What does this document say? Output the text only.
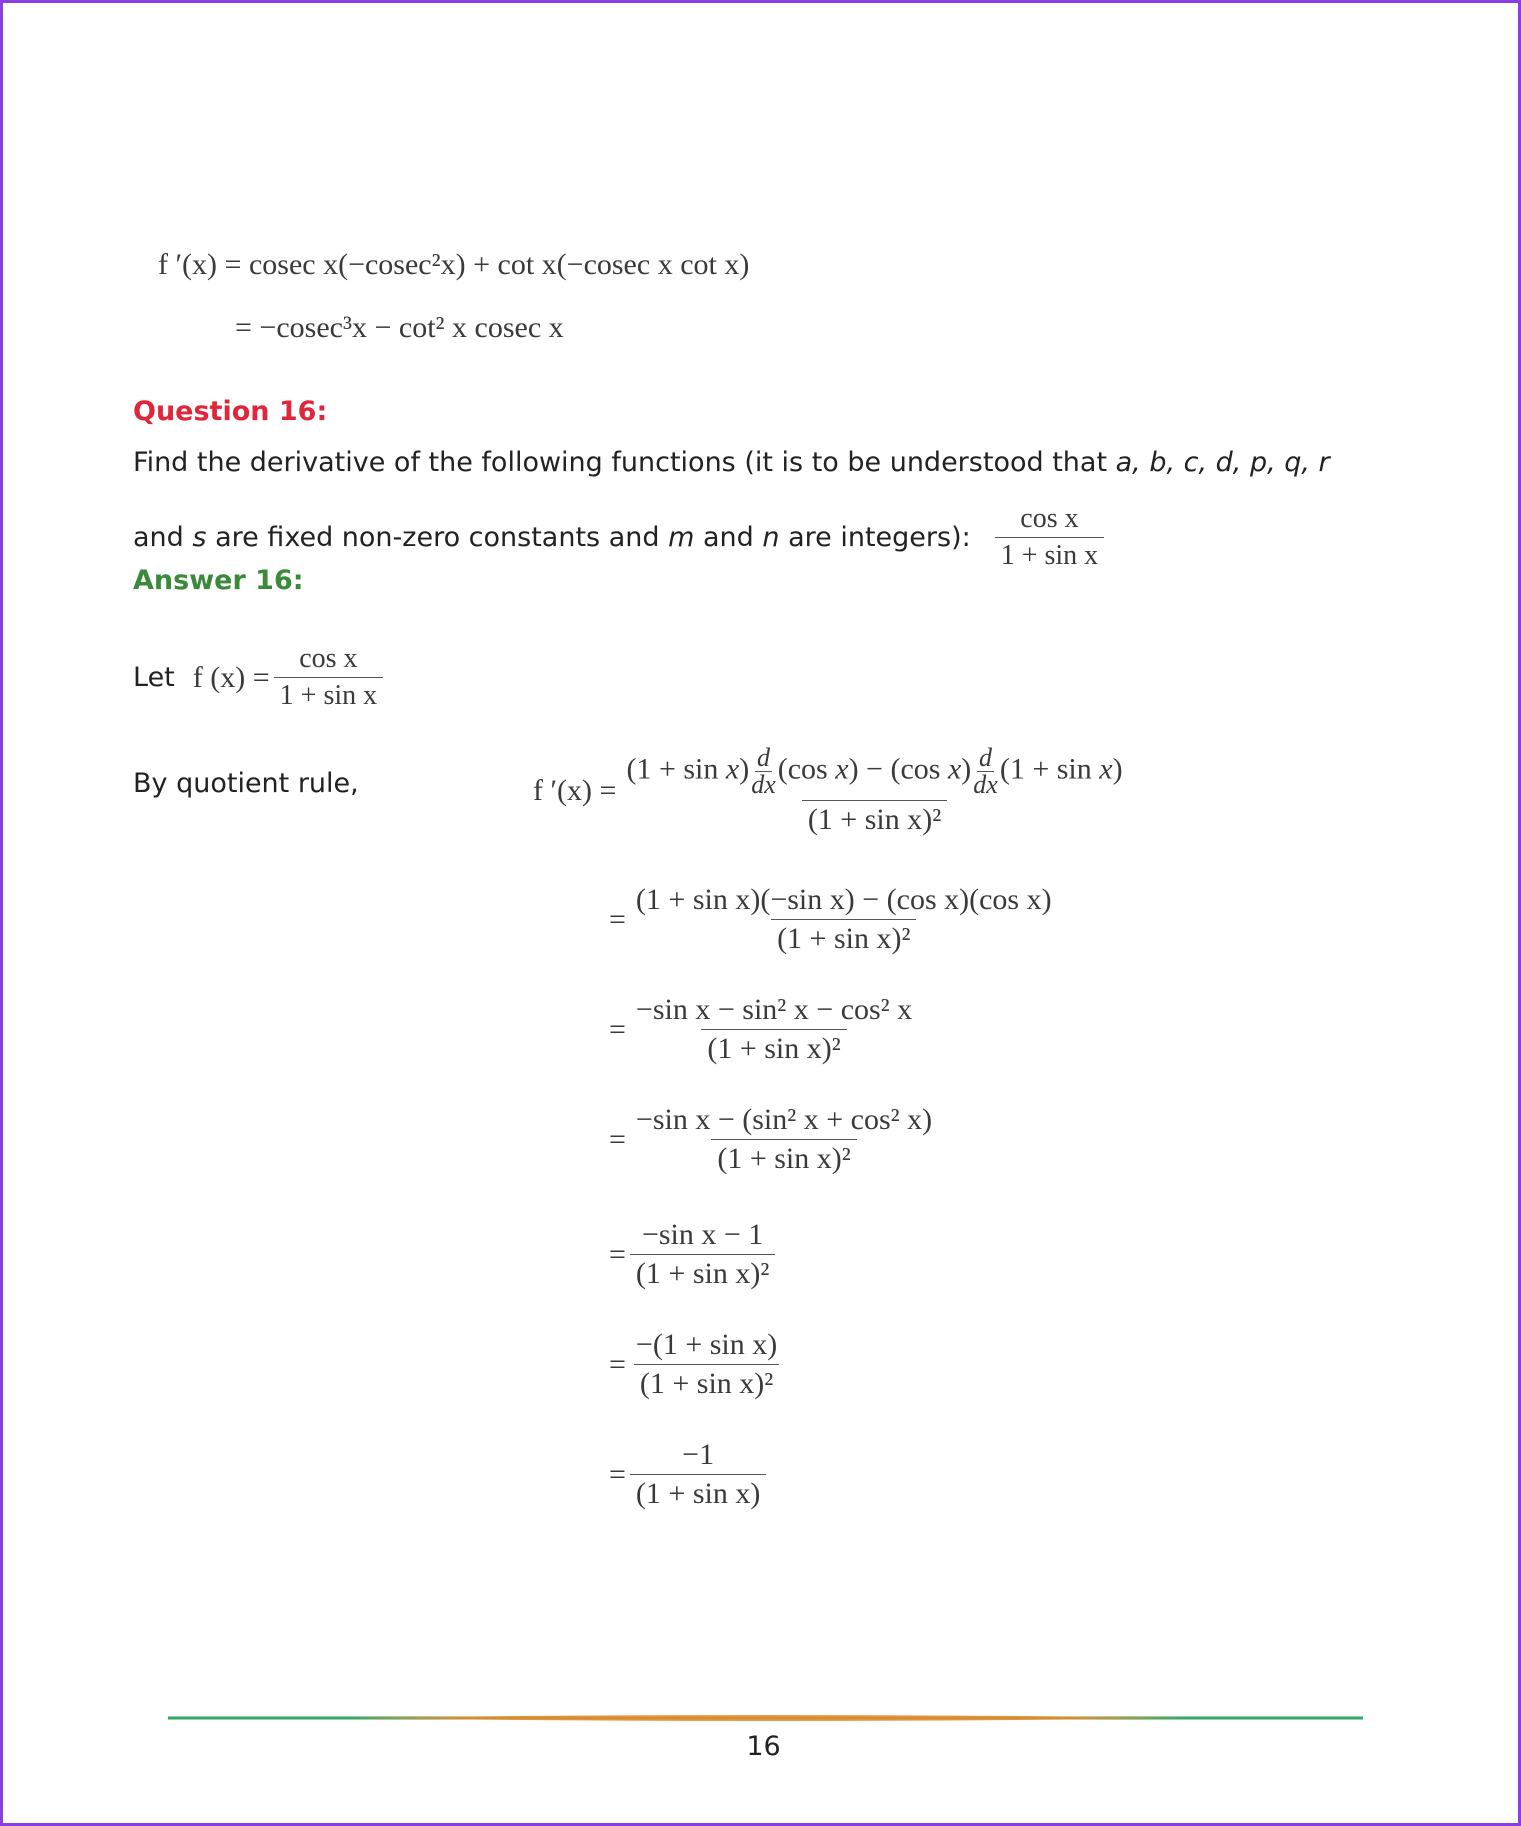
f ′(x) = cosec x(−cosec²x) + cot x(−cosec x cot x)
= −cosec³x − cot² x cosec x
Question 16:
Find the derivative of the following functions (it is to be understood that a, b, c, d, p, q, r
and
s
are fixed non-zero constants and
m
and
n
are integers): $\frac{\text{cos x}}{\text{1 + sin x}}$
Answer 16:
Let f $(x) = \frac{\text{cos x}}{\text{1 + sin x}}$
By quotient rule,	f $'(x) = \frac{(1 + \sin x) \frac{d}{dx} (\cos x) - (\cos x) \frac{d}{dx} (1 + \sin x)}{\text{(1 + sin x)²}}$
= $\frac{\text{(1 + sin x)(−sin x) − (cos x)(cos x)}}{\text{(1 + sin x)²}}$
= $\frac{\text{−sin x − sin² x − cos² x}}{\text{(1 + sin x)²}}$
= $\frac{\text{−sin x − (sin² x + cos² x)}}{\text{(1 + sin x)²}}$
= $\frac{\text{−sin x − 1}}{\text{(1 + sin x)²}}$
= $\frac{\text{−(1 + sin x)}}{\text{(1 + sin x)²}}$
= $\frac{-1}{\text{(1 + sin x)}}$
16
